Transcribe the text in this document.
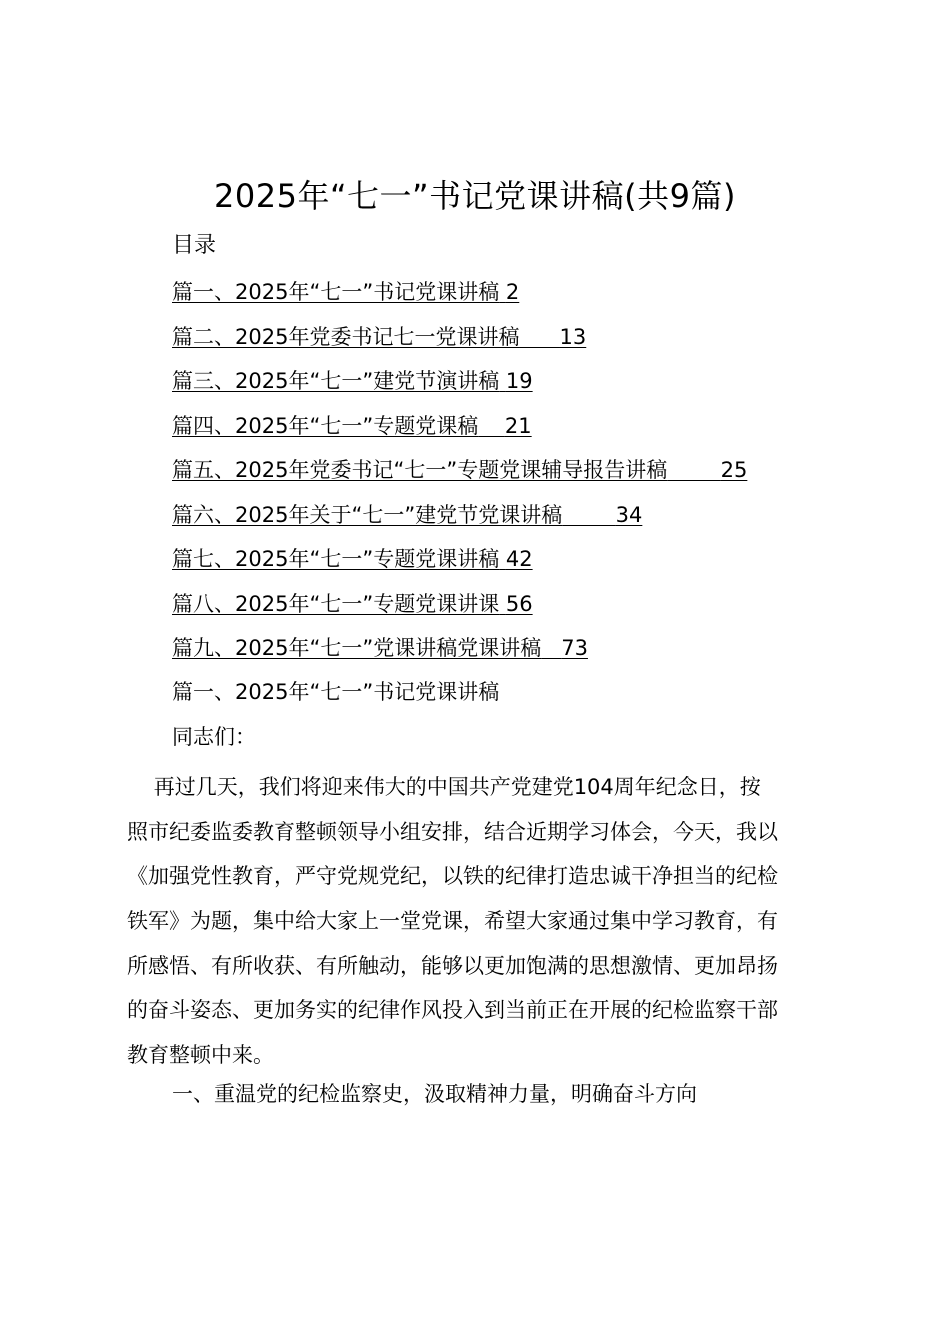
2025年“七一”书记党课讲稿(共9篇)
目录
篇一、2025年“七一”书记党课讲稿 2
篇二、2025年党委书记七一党课讲稿 13
篇三、2025年“七一”建党节演讲稿 19
篇四、2025年“七一”专题党课稿 21
篇五、2025年党委书记“七一”专题党课辅导报告讲稿	25
篇六、2025年关于“七一”建党节党课讲稿	34
篇七、2025年“七一”专题党课讲稿 42
篇八、2025年“七一”专题党课讲课 56
篇九、2025年“七一”党课讲稿党课讲稿 73
篇一、2025年“七一”书记党课讲稿
同志们：
再过几天，我们将迎来伟大的中国共产党建党104周年纪念日，按
照市纪委监委教育整顿领导小组安排，结合近期学习体会，今天，我以
《加强党性教育，严守党规党纪，以铁的纪律打造忠诚干净担当的纪检
铁军》为题，集中给大家上一堂党课，希望大家通过集中学习教育，有
所感悟、有所收获、有所触动，能够以更加饱满的思想激情、更加昂扬
的奋斗姿态、更加务实的纪律作风投入到当前正在开展的纪检监察干部
教育整顿中来。
一、重温党的纪检监察史，汲取精神力量，明确奋斗方向
